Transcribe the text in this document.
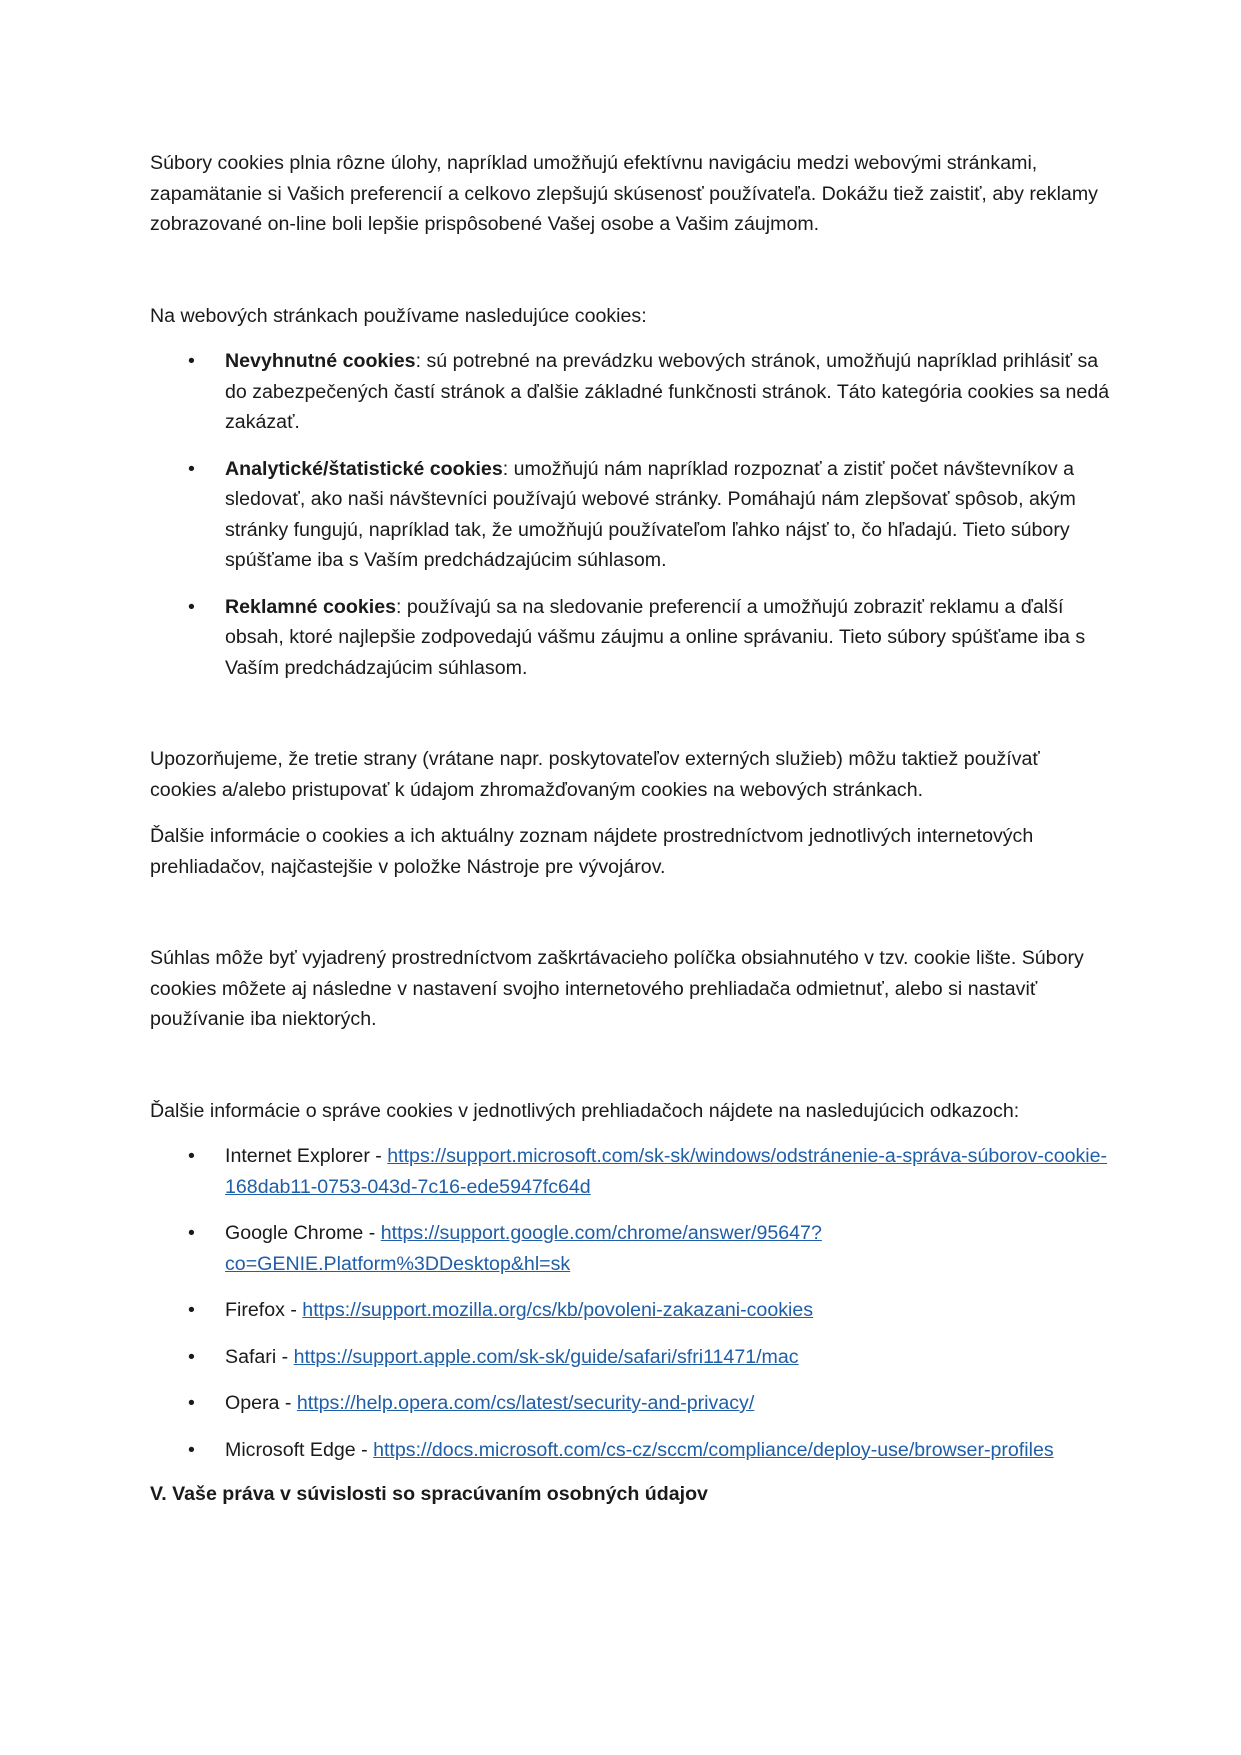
Súbory cookies plnia rôzne úlohy, napríklad umožňujú efektívnu navigáciu medzi webovými stránkami, zapamätanie si Vašich preferencií a celkovo zlepšujú skúsenosť používateľa. Dokážu tiež zaistiť, aby reklamy zobrazované on-line boli lepšie prispôsobené Vašej osobe a Vašim záujmom.

Na webových stránkach používame nasledujúce cookies:

•
Nevyhnutné cookies: sú potrebné na prevádzku webových stránok, umožňujú napríklad prihlásiť sa do zabezpečených častí stránok a ďalšie základné funkčnosti stránok. Táto kategória cookies sa nedá zakázať.
•
Analytické/štatistické cookies: umožňujú nám napríklad rozpoznať a zistiť počet návštevníkov a sledovať, ako naši návštevníci používajú webové stránky. Pomáhajú nám zlepšovať spôsob, akým stránky fungujú, napríklad tak, že umožňujú používateľom ľahko nájsť to, čo hľadajú. Tieto súbory spúšťame iba s Vaším predchádzajúcim súhlasom.
•
Reklamné cookies: používajú sa na sledovanie preferencií a umožňujú zobraziť reklamu a ďalší obsah, ktoré najlepšie zodpovedajú vášmu záujmu a online správaniu. Tieto súbory spúšťame iba s Vaším predchádzajúcim súhlasom.

Upozorňujeme, že tretie strany (vrátane napr. poskytovateľov externých služieb) môžu taktiež používať cookies a/alebo pristupovať k údajom zhromažďovaným cookies na webových stránkach.

Ďalšie informácie o cookies a ich aktuálny zoznam nájdete prostredníctvom jednotlivých internetových prehliadačov, najčastejšie v položke Nástroje pre vývojárov.

Súhlas môže byť vyjadrený prostredníctvom zaškrtávacieho políčka obsiahnutého v tzv. cookie lište. Súbory cookies môžete aj následne v nastavení svojho internetového prehliadača odmietnuť, alebo si nastaviť používanie iba niektorých.

Ďalšie informácie o správe cookies v jednotlivých prehliadačoch nájdete na nasledujúcich odkazoch:

•
Internet Explorer - https://support.microsoft.com/sk-sk/windows/odstránenie-a-správa-súborov-cookie-168dab11-0753-043d-7c16-ede5947fc64d
•
Google Chrome - https://support.google.com/chrome/answer/95647?co=GENIE.Platform%3DDesktop&hl=sk
•
Firefox - https://support.mozilla.org/cs/kb/povoleni-zakazani-cookies
•
Safari - https://support.apple.com/sk-sk/guide/safari/sfri11471/mac
•
Opera - https://help.opera.com/cs/latest/security-and-privacy/
•
Microsoft Edge - https://docs.microsoft.com/cs-cz/sccm/compliance/deploy-use/browser-profiles

V. Vaše práva v súvislosti so spracúvaním osobných údajov
